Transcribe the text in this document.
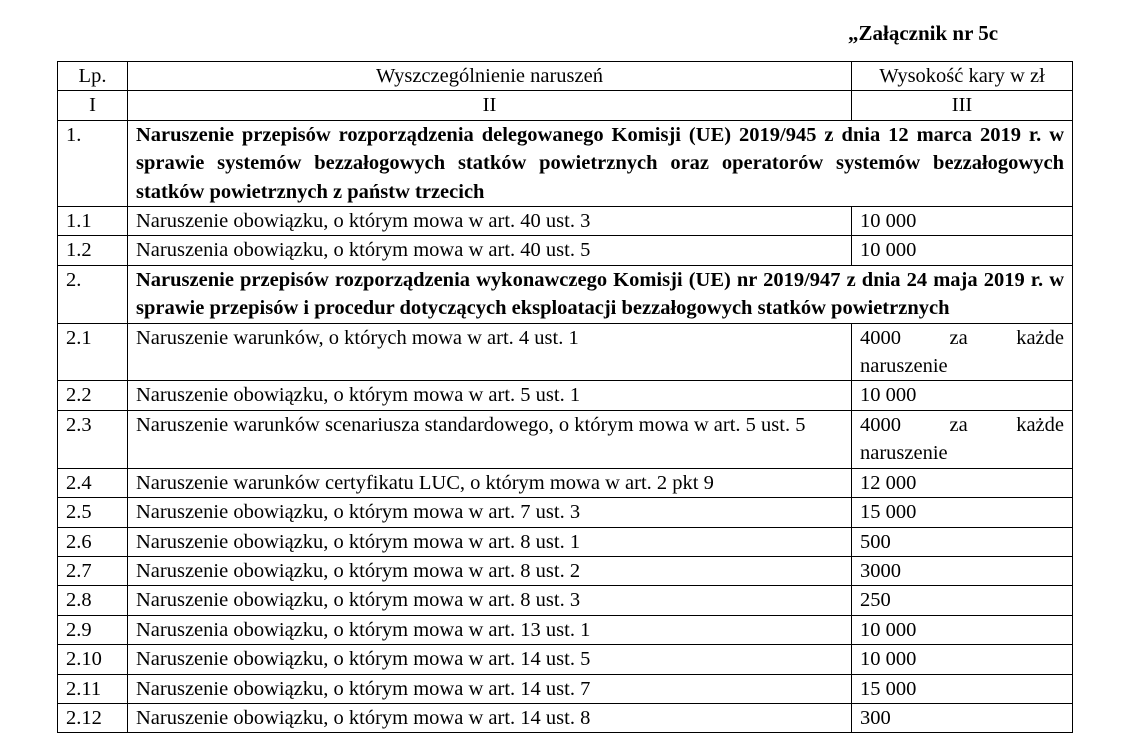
„Załącznik nr 5c
Lp.	Wyszczególnienie naruszeń	Wysokość kary w zł
I	II	III
1.	Naruszenie przepisów rozporządzenia delegowanego Komisji (UE) 2019/945 z dnia 12 marca 2019 r. w sprawie systemów bezzałogowych statków powietrznych oraz operatorów systemów bezzałogowych statków powietrznych z państw trzecich	
1.1	Naruszenie obowiązku, o którym mowa w art. 40 ust. 3	10 000
1.2	Naruszenia obowiązku, o którym mowa w art. 40 ust. 5	10 000
2.	Naruszenie przepisów rozporządzenia wykonawczego Komisji (UE) nr 2019/947 z dnia 24 maja 2019 r. w sprawie przepisów i procedur dotyczących eksploatacji bezzałogowych statków powietrznych	
2.1	Naruszenie warunków, o których mowa w art. 4 ust. 1	4000 za każde naruszenie
2.2	Naruszenie obowiązku, o którym mowa w art. 5 ust. 1	10 000
2.3	Naruszenie warunków scenariusza standardowego, o którym mowa w art. 5 ust. 5	4000 za każde naruszenie
2.4	Naruszenie warunków certyfikatu LUC, o którym mowa w art. 2 pkt 9	12 000
2.5	Naruszenie obowiązku, o którym mowa w art. 7 ust. 3	15 000
2.6	Naruszenie obowiązku, o którym mowa w art. 8 ust. 1	500
2.7	Naruszenie obowiązku, o którym mowa w art. 8 ust. 2	3000
2.8	Naruszenie obowiązku, o którym mowa w art. 8 ust. 3	250
2.9	Naruszenia obowiązku, o którym mowa w art. 13 ust. 1	10 000
2.10	Naruszenie obowiązku, o którym mowa w art. 14 ust. 5	10 000
2.11	Naruszenie obowiązku, o którym mowa w art. 14 ust. 7	15 000
2.12	Naruszenie obowiązku, o którym mowa w art. 14 ust. 8	300
